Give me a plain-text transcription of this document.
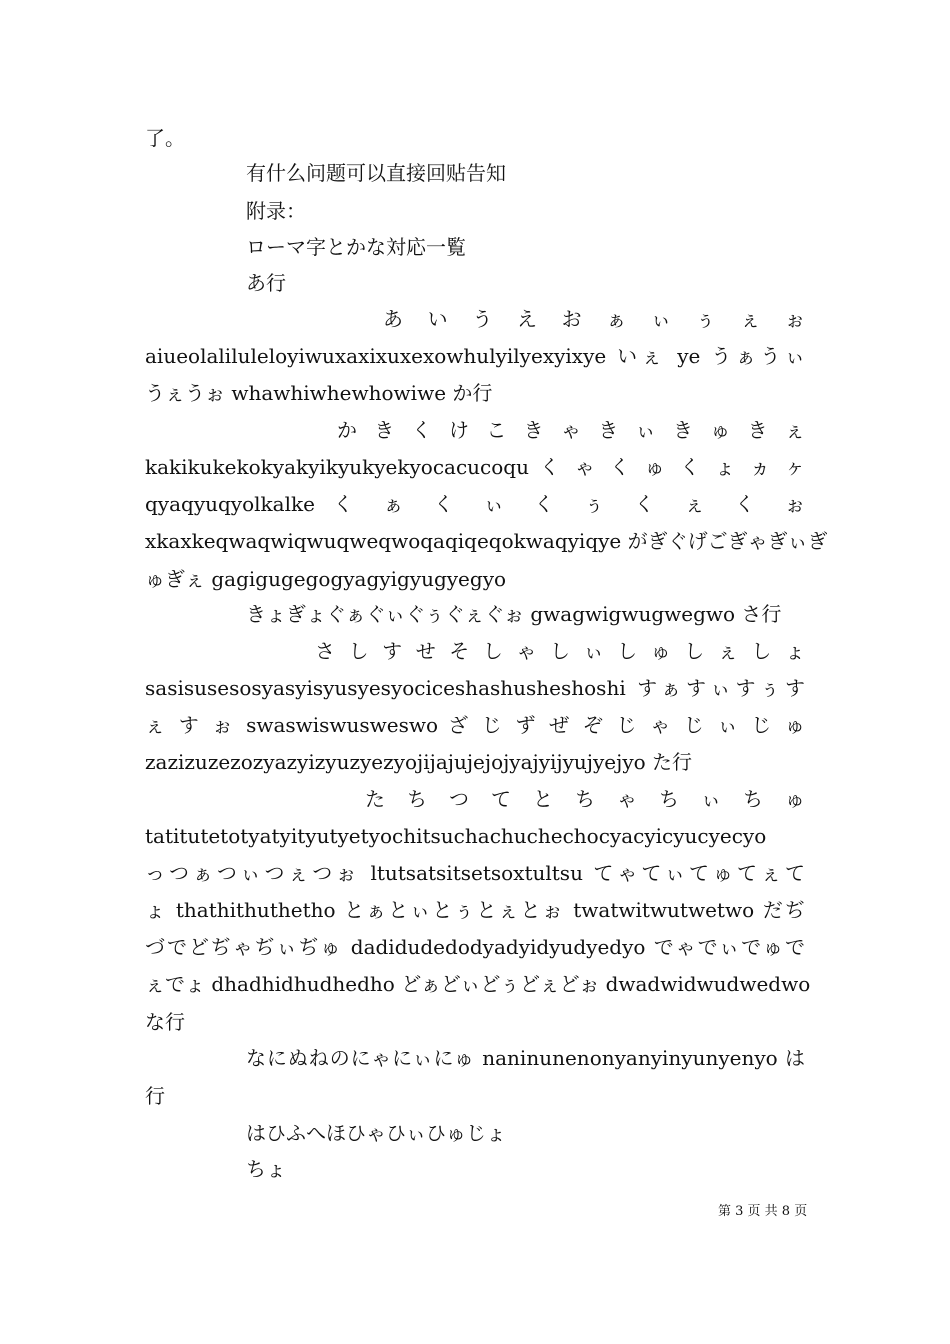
了。
有什么问题可以直接回贴告知
附录：
ローマ字とかな対応一覧
あ行
あ い う え お ぁ ぃ ぅ ぇ ぉ
aiueolaliluleloyiwuxaxixuxexowhulyilyexyixye いぇ ye うぁうぃ
うぇうぉ whawhiwhewhowiwe か行
か き く け こ き ゃ き ぃ き ゅ き ぇ
kakikukekokyakyikyukyekyocacucoqu く ゃ く ゅ く ょ ヵ ヶ
qyaqyuqyolkalke く ぁ く ぃ く ぅ く ぇ く ぉ
xkaxkeqwaqwiqwuqweqwoqaqiqeqokwaqyiqye がぎぐげごぎゃぎぃぎ
ゅぎぇ gagigugegogyagyigyugyegyo
きょぎょぐぁぐぃぐぅぐぇぐぉ gwagwigwugwegwo さ行
さ し す せ そ し ゃ し ぃ し ゅ し ぇ し ょ
sasisusesosyasyisyusyesyociceshashusheshoshi すぁすぃすぅす
ぇ す ぉ swaswiswusweswo ざ じ ず ぜ ぞ じ ゃ じ ぃ じ ゅ
zazizuzezozyazyizyuzyezyojijajujejojyajyijyujyejyo た行
た ち つ て と ち ゃ ち ぃ ち ゅ
tatitutetotyatyityutyetyochitsuchachuchechocyacyicyucyecyo
っつぁつぃつぇつぉ ltutsatsitsetsoxtultsu てゃてぃてゅてぇて
ょ thathithuthetho とぁとぃとぅとぇとぉ twatwitwutwetwo だぢ
づでどぢゃぢぃぢゅ dadidudedodyadyidyudyedyo でゃでぃでゅで
ぇでょ dhadhidhudhedho どぁどぃどぅどぇどぉ dwadwidwudwedwo
な行
なにぬねのにゃにぃにゅ naninunenonyanyinyunyenyo は
行
はひふへほひゃひぃひゅじょ
ちょ
第 3 页 共 8 页
